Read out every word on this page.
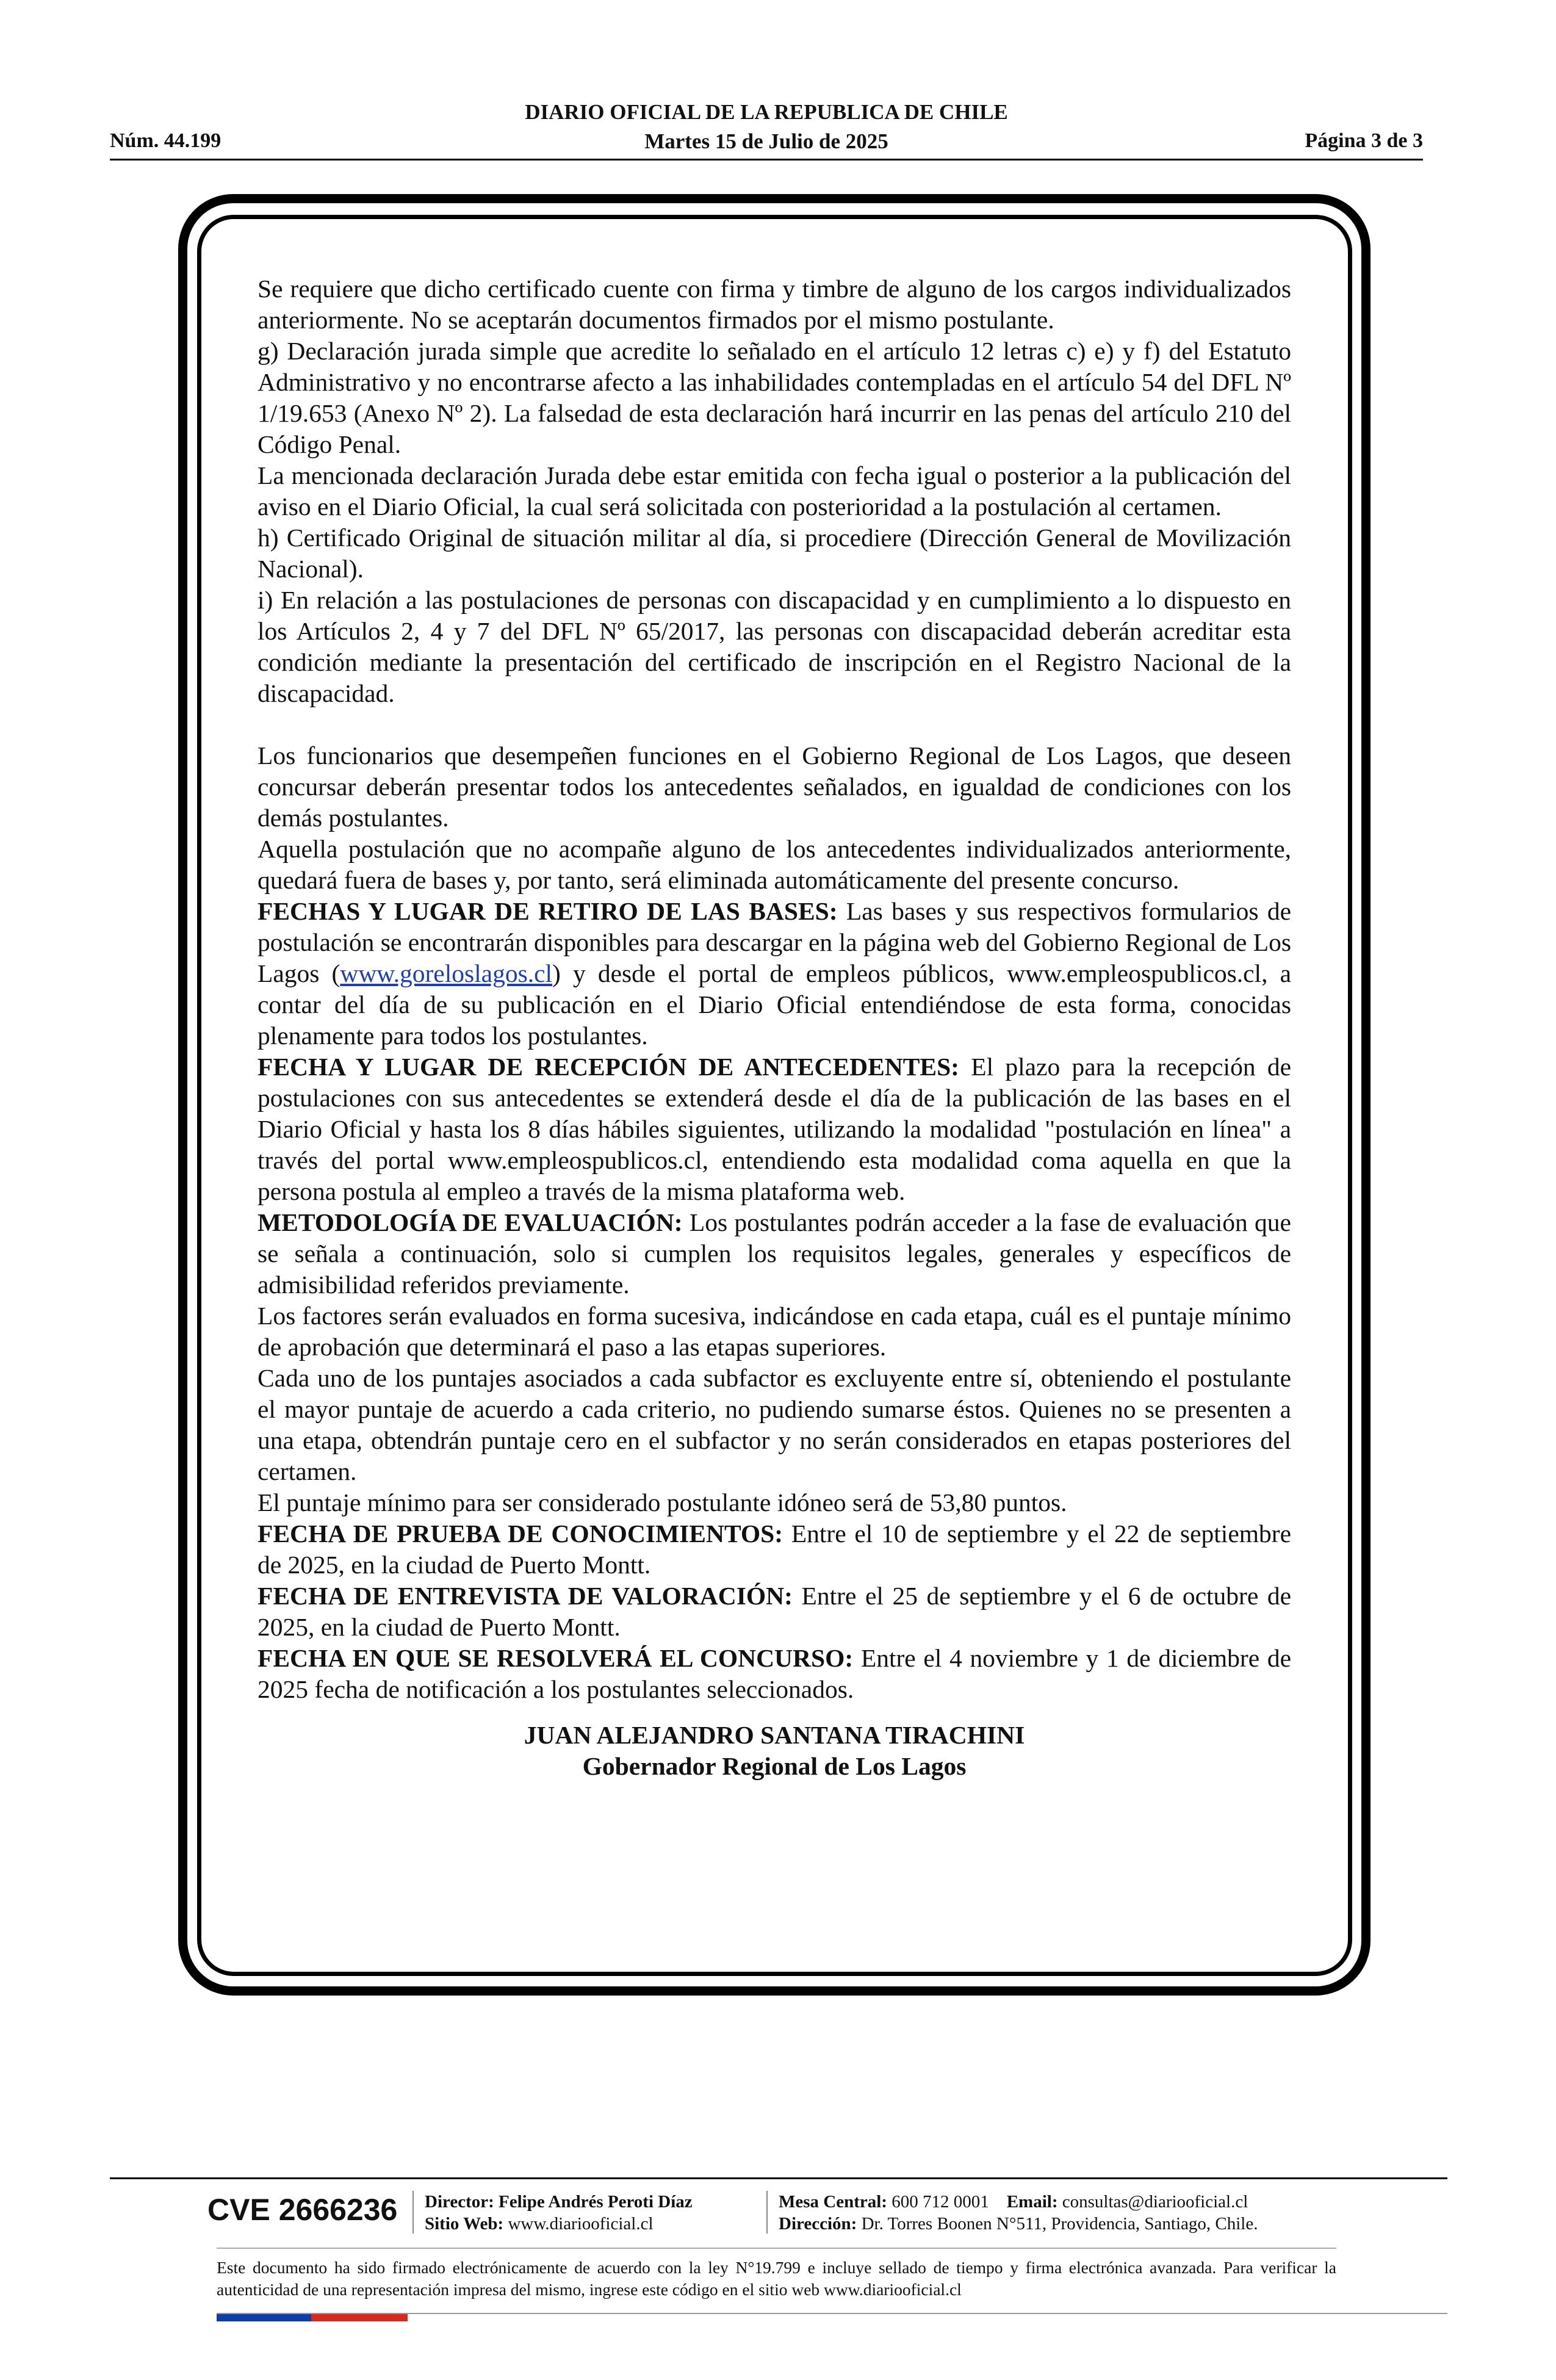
Núm. 44.199
DIARIO OFICIAL DE LA REPUBLICA DE CHILE
Martes 15 de Julio de 2025	Página 3 de 3

Se requiere que dicho certificado cuente con firma y timbre de alguno de los cargos individualizados anteriormente. No se aceptarán documentos firmados por el mismo postulante.

g) Declaración jurada simple que acredite lo señalado en el artículo 12 letras c) e) y f) del Estatuto Administrativo y no encontrarse afecto a las inhabilidades contempladas en el artículo 54 del DFL Nº 1/19.653 (Anexo Nº 2). La falsedad de esta declaración hará incurrir en las penas del artículo 210 del Código Penal.

La mencionada declaración Jurada debe estar emitida con fecha igual o posterior a la publicación del aviso en el Diario Oficial, la cual será solicitada con posterioridad a la postulación al certamen.

h) Certificado Original de situación militar al día, si procediere (Dirección General de Movilización Nacional).

i) En relación a las postulaciones de personas con discapacidad y en cumplimiento a lo dispuesto en los Artículos 2, 4 y 7 del DFL Nº 65/2017, las personas con discapacidad deberán acreditar esta condición mediante la presentación del certificado de inscripción en el Registro Nacional de la discapacidad.

Los funcionarios que desempeñen funciones en el Gobierno Regional de Los Lagos, que deseen concursar deberán presentar todos los antecedentes señalados, en igualdad de condiciones con los demás postulantes.

Aquella postulación que no acompañe alguno de los antecedentes individualizados anteriormente, quedará fuera de bases y, por tanto, será eliminada automáticamente del presente concurso.

FECHAS Y LUGAR DE RETIRO DE LAS BASES: Las bases y sus respectivos formularios de postulación se encontrarán disponibles para descargar en la página web del Gobierno Regional de Los Lagos (www.goreloslagos.cl) y desde el portal de empleos públicos, www.empleospublicos.cl, a contar del día de su publicación en el Diario Oficial entendiéndose de esta forma, conocidas plenamente para todos los postulantes.

FECHA Y LUGAR DE RECEPCIÓN DE ANTECEDENTES: El plazo para la recepción de postulaciones con sus antecedentes se extenderá desde el día de la publicación de las bases en el Diario Oficial y hasta los 8 días hábiles siguientes, utilizando la modalidad "postulación en línea" a través del portal www.empleospublicos.cl, entendiendo esta modalidad coma aquella en que la persona postula al empleo a través de la misma plataforma web.

METODOLOGÍA DE EVALUACIÓN: Los postulantes podrán acceder a la fase de evaluación que se señala a continuación, solo si cumplen los requisitos legales, generales y específicos de admisibilidad referidos previamente.

Los factores serán evaluados en forma sucesiva, indicándose en cada etapa, cuál es el puntaje mínimo de aprobación que determinará el paso a las etapas superiores.

Cada uno de los puntajes asociados a cada subfactor es excluyente entre sí, obteniendo el postulante el mayor puntaje de acuerdo a cada criterio, no pudiendo sumarse éstos. Quienes no se presenten a una etapa, obtendrán puntaje cero en el subfactor y no serán considerados en etapas posteriores del certamen.

El puntaje mínimo para ser considerado postulante idóneo será de 53,80 puntos.

FECHA DE PRUEBA DE CONOCIMIENTOS: Entre el 10 de septiembre y el 22 de septiembre de 2025, en la ciudad de Puerto Montt.

FECHA DE ENTREVISTA DE VALORACIÓN: Entre el 25 de septiembre y el 6 de octubre de 2025, en la ciudad de Puerto Montt.

FECHA EN QUE SE RESOLVERÁ EL CONCURSO: Entre el 4 noviembre y 1 de diciembre de 2025 fecha de notificación a los postulantes seleccionados.

JUAN ALEJANDRO SANTANA TIRACHINI
Gobernador Regional de Los Lagos
CVE 2666236 Director: Felipe Andrés Peroti Díaz
Sitio Web: www.diariooficial.cl
Mesa Central: 600 712 0001 Email: consultas@diariooficial.cl
Dirección: Dr. Torres Boonen N°511, Providencia, Santiago, Chile.
Este documento ha sido firmado electrónicamente de acuerdo con la ley N°19.799 e incluye sellado de tiempo y firma electrónica avanzada. Para verificar la autenticidad de una representación impresa del mismo, ingrese este código en el sitio web www.diariooficial.cl
